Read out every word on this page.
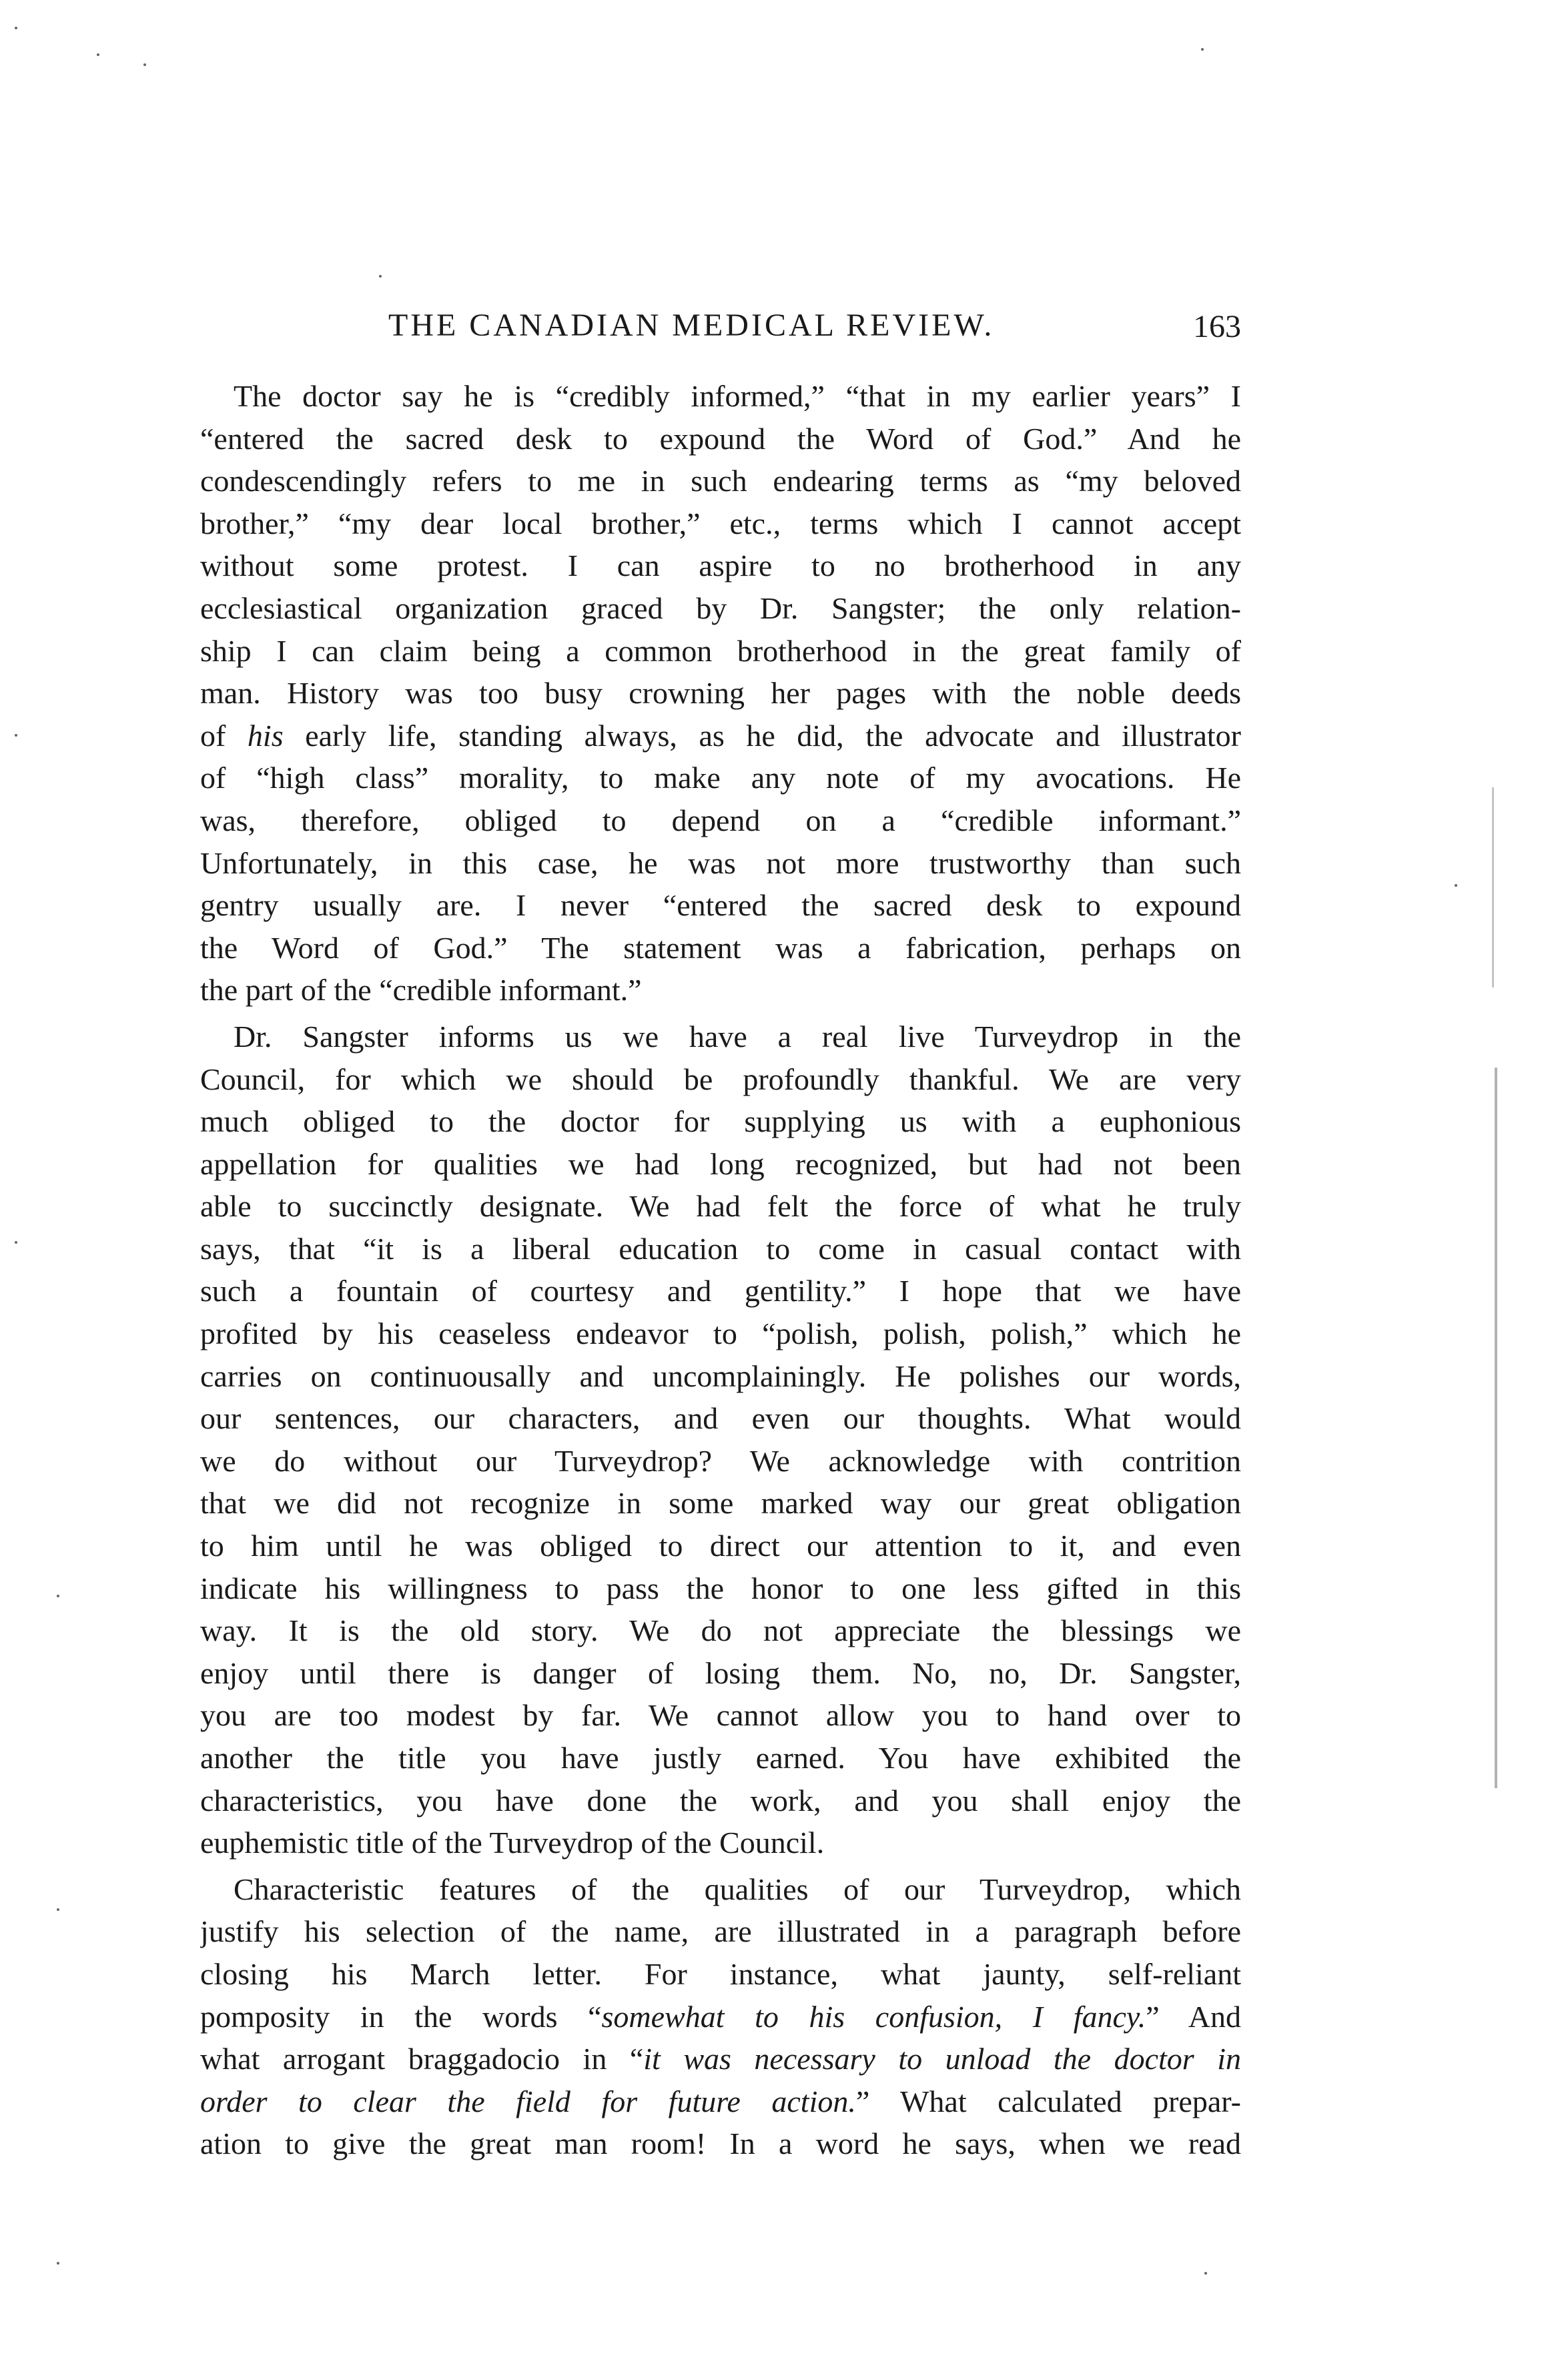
THE CANADIAN MEDICAL REVIEW.	163
The doctor say he is “credibly informed,” “that in my earlier years” I
“entered the sacred desk to expound the Word of God.” And he
condescendingly refers to me in such endearing terms as “my beloved
brother,” “my dear local brother,” etc., terms which I cannot accept
without some protest. I can aspire to no brotherhood in any
ecclesiastical organization graced by Dr. Sangster; the only relation-
ship I can claim being a common brotherhood in the great family of
man. History was too busy crowning her pages with the noble deeds
of his early life, standing always, as he did, the advocate and illustrator
of “high class” morality, to make any note of my avocations. He
was, therefore, obliged to depend on a “credible informant.”
Unfortunately, in this case, he was not more trustworthy than such
gentry usually are. I never “entered the sacred desk to expound
the Word of God.” The statement was a fabrication, perhaps on
the part of the “credible informant.”
Dr. Sangster informs us we have a real live Turveydrop in the
Council, for which we should be profoundly thankful. We are very
much obliged to the doctor for supplying us with a euphonious
appellation for qualities we had long recognized, but had not been
able to succinctly designate. We had felt the force of what he truly
says, that “it is a liberal education to come in casual contact with
such a fountain of courtesy and gentility.” I hope that we have
profited by his ceaseless endeavor to “polish, polish, polish,” which he
carries on continuousally and uncomplainingly. He polishes our words,
our sentences, our characters, and even our thoughts. What would
we do without our Turveydrop? We acknowledge with contrition
that we did not recognize in some marked way our great obligation
to him until he was obliged to direct our attention to it, and even
indicate his willingness to pass the honor to one less gifted in this
way. It is the old story. We do not appreciate the blessings we
enjoy until there is danger of losing them. No, no, Dr. Sangster,
you are too modest by far. We cannot allow you to hand over to
another the title you have justly earned. You have exhibited the
characteristics, you have done the work, and you shall enjoy the
euphemistic title of the Turveydrop of the Council.
Characteristic features of the qualities of our Turveydrop, which
justify his selection of the name, are illustrated in a paragraph before
closing his March letter. For instance, what jaunty, self-reliant
pomposity in the words “somewhat to his confusion, I fancy.” And
what arrogant braggadocio in “it was necessary to unload the doctor in
order to clear the field for future action.” What calculated prepar-
ation to give the great man room! In a word he says, when we read
